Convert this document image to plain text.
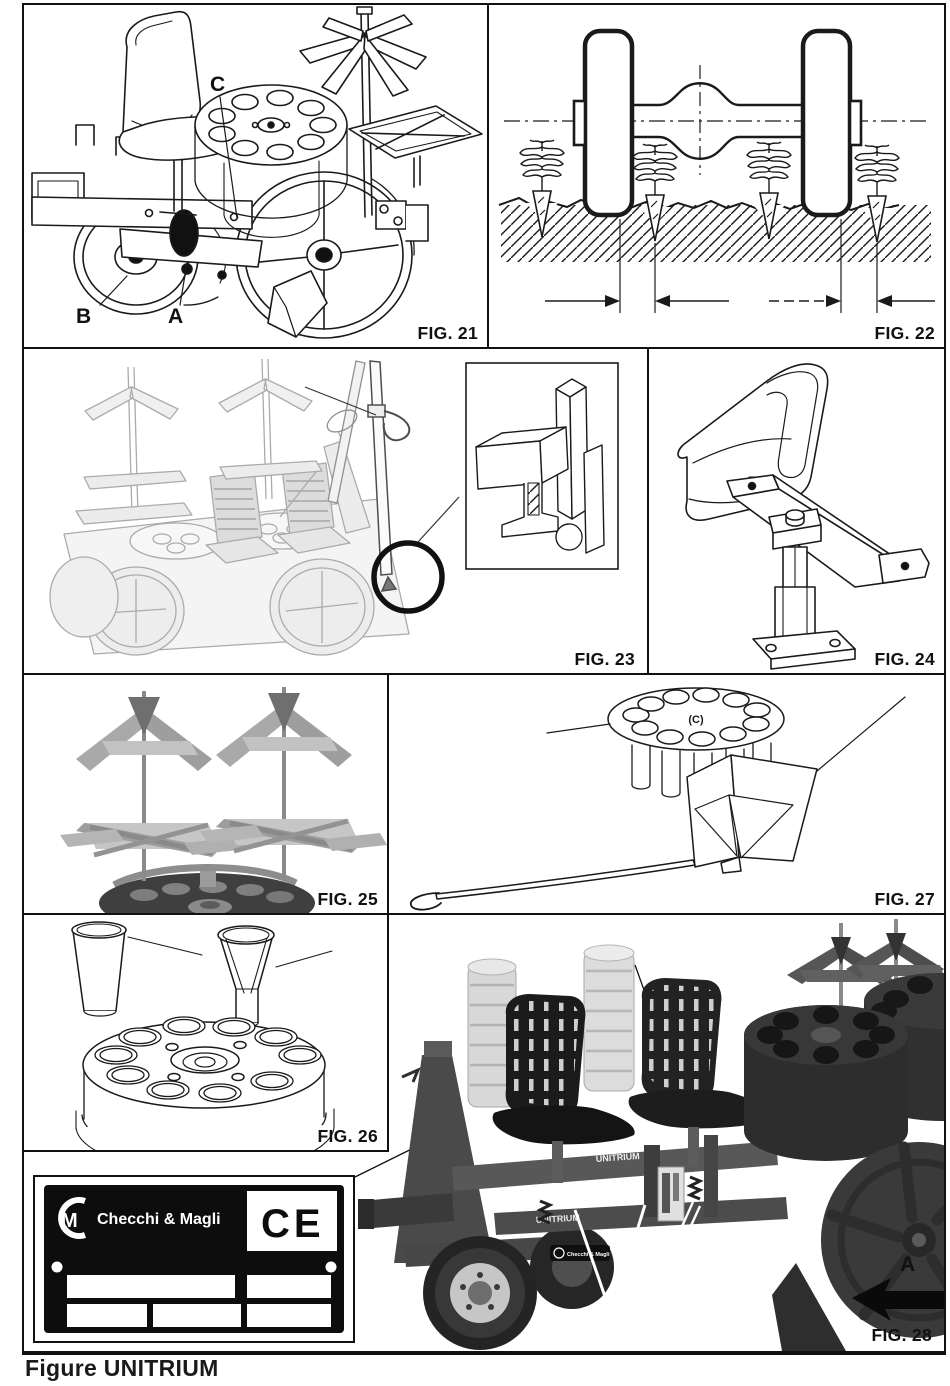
B	A
C
FIG. 21	FIG. 22
FIG. 23	FIG. 24
FIG. 25
(C)
FIG. 27
FIG. 26
M Checchi & Magli CE
UNITRIUM
UNITRIUM
Checchi & Magli	A
FIG. 28
Figure UNITRIUM
